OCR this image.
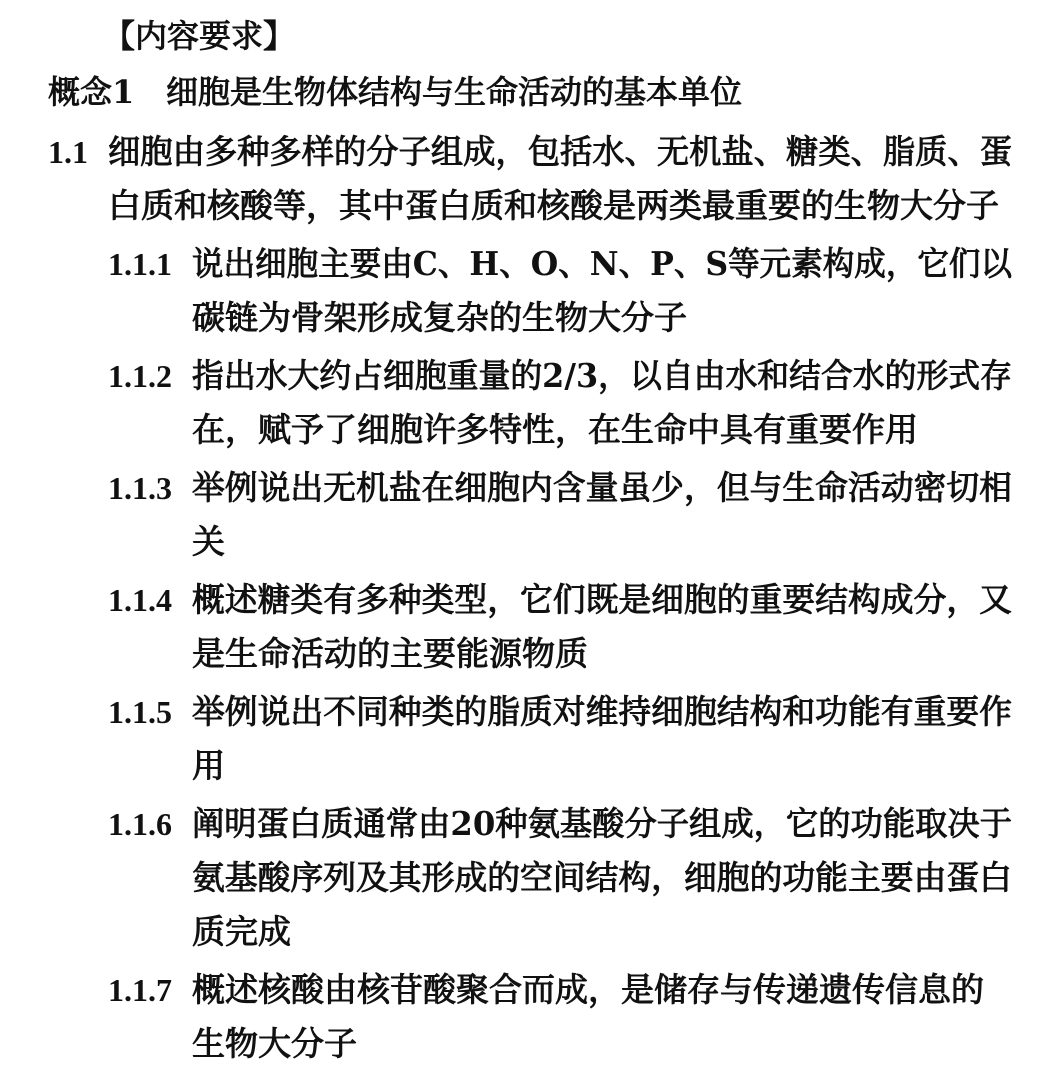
【内容要求】
概念1 细胞是生物体结构与生命活动的基本单位
1.1 细胞由多种多样的分子组成，包括水、无机盐、糖类、脂质、蛋
白质和核酸等，其中蛋白质和核酸是两类最重要的生物大分子
1.1.1 说出细胞主要由C、H、O、N、P、S等元素构成，它们以
碳链为骨架形成复杂的生物大分子
1.1.2 指出水大约占细胞重量的2/3，以自由水和结合水的形式存
在，赋予了细胞许多特性，在生命中具有重要作用
1.1.3 举例说出无机盐在细胞内含量虽少，但与生命活动密切相
关
1.1.4 概述糖类有多种类型，它们既是细胞的重要结构成分，又
是生命活动的主要能源物质
1.1.5 举例说出不同种类的脂质对维持细胞结构和功能有重要作
用
1.1.6 阐明蛋白质通常由20种氨基酸分子组成，它的功能取决于
氨基酸序列及其形成的空间结构，细胞的功能主要由蛋白
质完成
1.1.7 概述核酸由核苷酸聚合而成，是储存与传递遗传信息的
生物大分子
